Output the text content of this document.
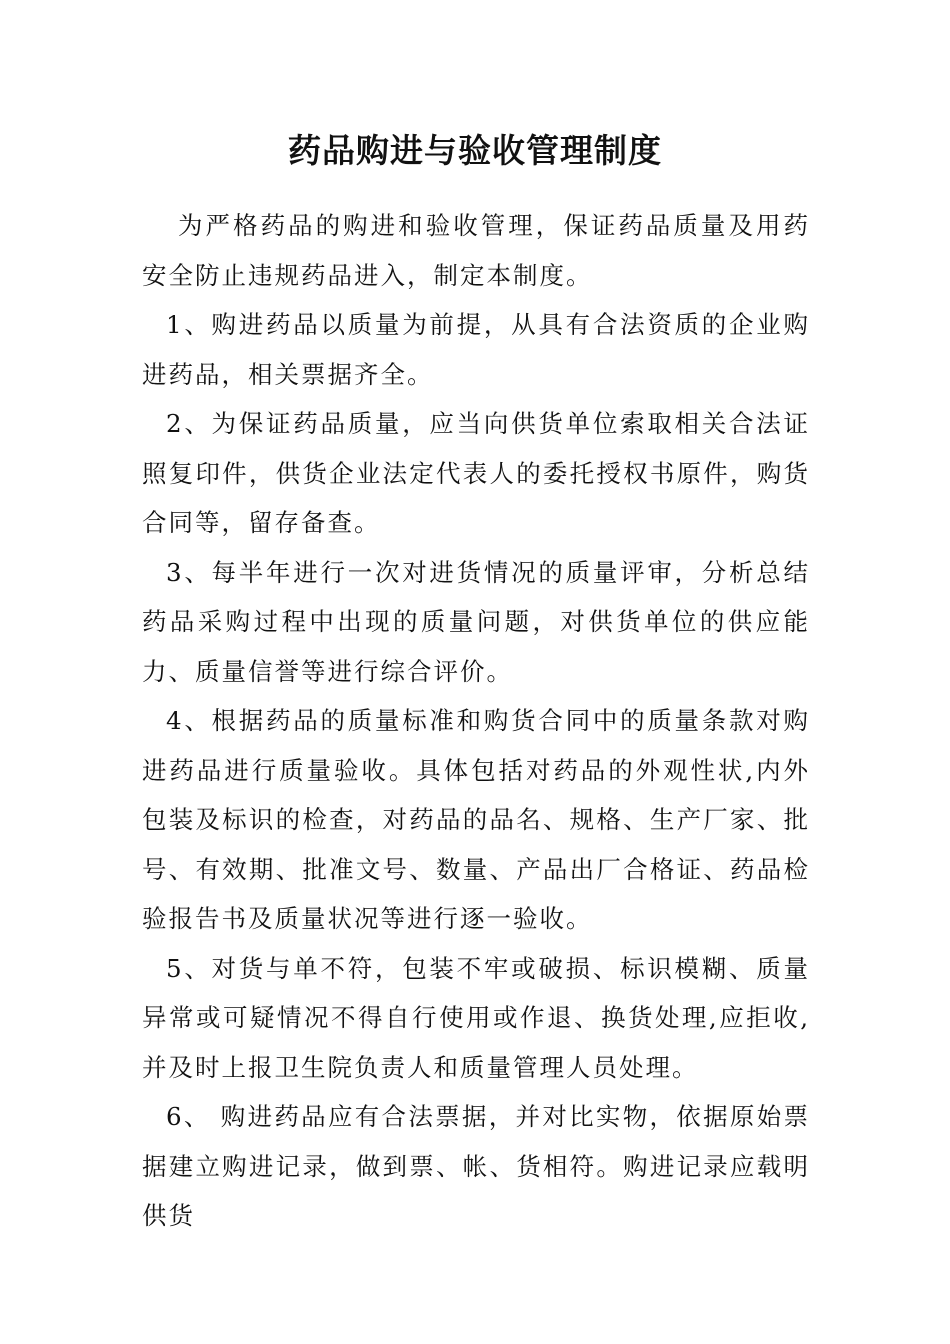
药品购进与验收管理制度

为严格药品的购进和验收管理，保证药品质量及用药安全防止违规药品进入，制定本制度。

1、购进药品以质量为前提，从具有合法资质的企业购进药品，相关票据齐全。

2、为保证药品质量，应当向供货单位索取相关合法证照复印件，供货企业法定代表人的委托授权书原件，购货合同等，留存备查。

3、每半年进行一次对进货情况的质量评审，分析总结药品采购过程中出现的质量问题，对供货单位的供应能力、质量信誉等进行综合评价。

4、根据药品的质量标准和购货合同中的质量条款对购进药品进行质量验收。具体包括对药品的外观性状,内外包装及标识的检查，对药品的品名、规格、生产厂家、批号、有效期、批准文号、数量、产品出厂合格证、药品检验报告书及质量状况等进行逐一验收。

5、对货与单不符，包装不牢或破损、标识模糊、质量异常或可疑情况不得自行使用或作退、换货处理,应拒收,并及时上报卫生院负责人和质量管理人员处理。

6、 购进药品应有合法票据，并对比实物，依据原始票据建立购进记录，做到票、帐、货相符。购进记录应载明供货
